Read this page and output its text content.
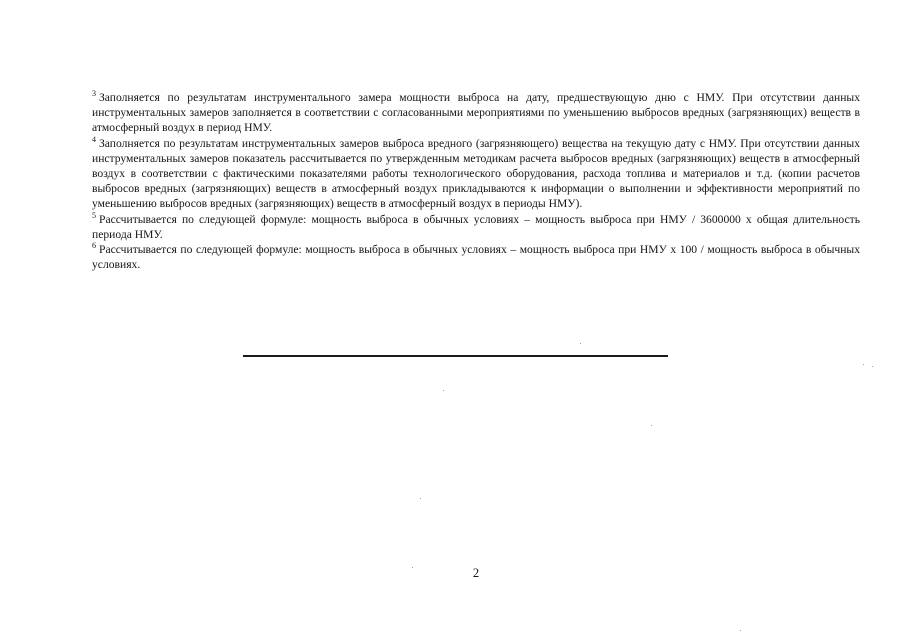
$^3$ Заполняется по результатам инструментального замера мощности выброса на дату, предшествующую дню с НМУ. При отсутствии данных инструментальных замеров заполняется в соответствии с согласованными мероприятиями по уменьшению выбросов вредных (загрязняющих) веществ в атмосферный воздух в период НМУ.

$^4$ Заполняется по результатам инструментальных замеров выброса вредного (загрязняющего) вещества на текущую дату с НМУ. При отсутствии данных инструментальных замеров показатель рассчитывается по утвержденным методикам расчета выбросов вредных (загрязняющих) веществ в атмосферный воздух в соответствии с фактическими показателями работы технологического оборудования, расхода топлива и материалов и т.д. (копии расчетов выбросов вредных (загрязняющих) веществ в атмосферный воздух прикладываются к информации о выполнении и эффективности мероприятий по уменьшению выбросов вредных (загрязняющих) веществ в атмосферный воздух в периоды НМУ).

$^5$ Рассчитывается по следующей формуле: мощность выброса в обычных условиях – мощность выброса при НМУ / 3600000 х общая длительность периода НМУ.

$^6$ Рассчитывается по следующей формуле: мощность выброса в обычных условиях – мощность выброса при НМУ х 100 / мощность выброса в обычных условиях.

2
